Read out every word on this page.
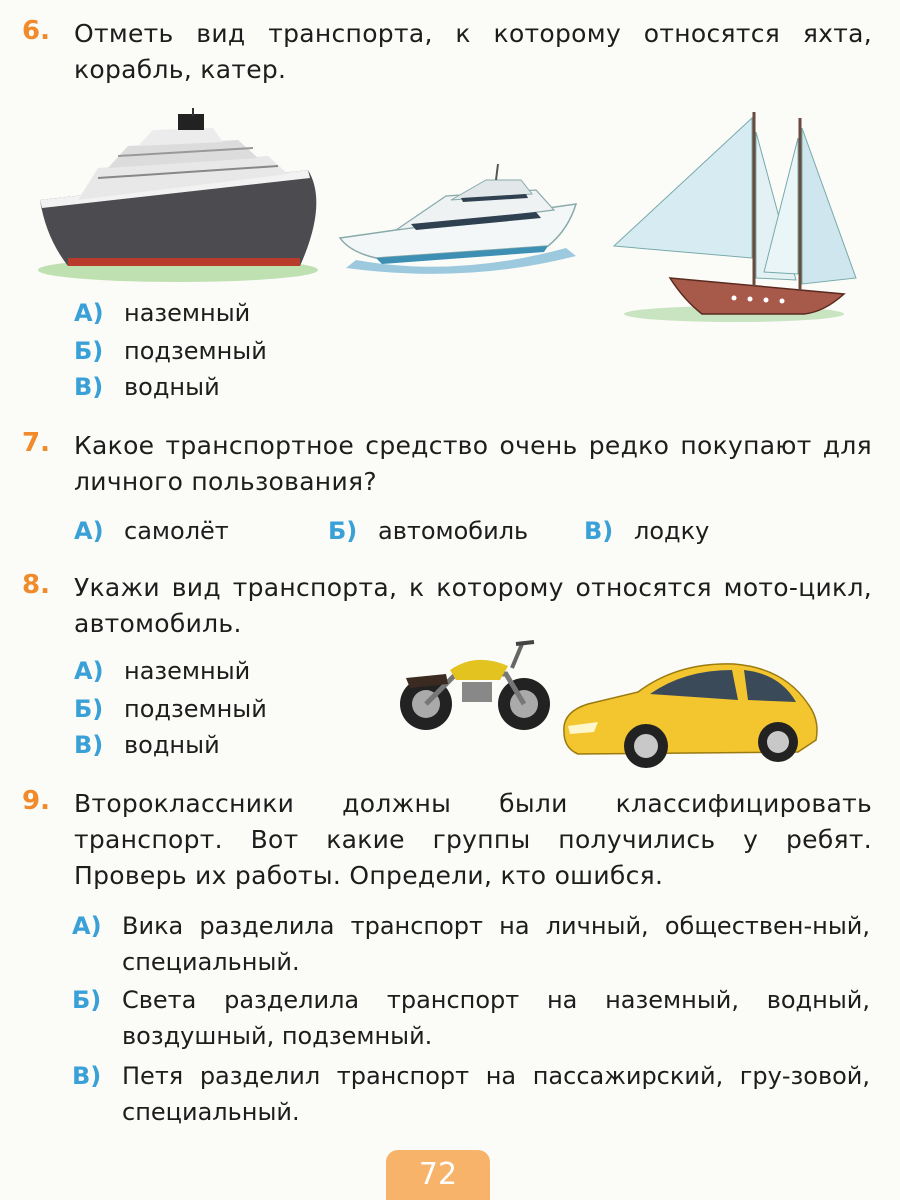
6. Отметь вид транспорта, к которому относятся яхта, корабль, катер.
А) наземный
Б) подземный
В) водный
7. Какое транспортное средство очень редко покупают для личного пользования?
А) самолёт	Б) автомобиль В) лодку
8. Укажи вид транспорта, к которому относятся мото-цикл, автомобиль.
А) наземный
Б) подземный
В) водный
9. Второклассники должны были классифицировать транспорт. Вот какие группы получились у ребят. Проверь их работы. Определи, кто ошибся.
А) Вика разделила транспорт на личный, обществен-ный, специальный.
Б) Света разделила транспорт на наземный, водный, воздушный, подземный.
В) Петя разделил транспорт на пассажирский, гру-зовой, специальный.
72
